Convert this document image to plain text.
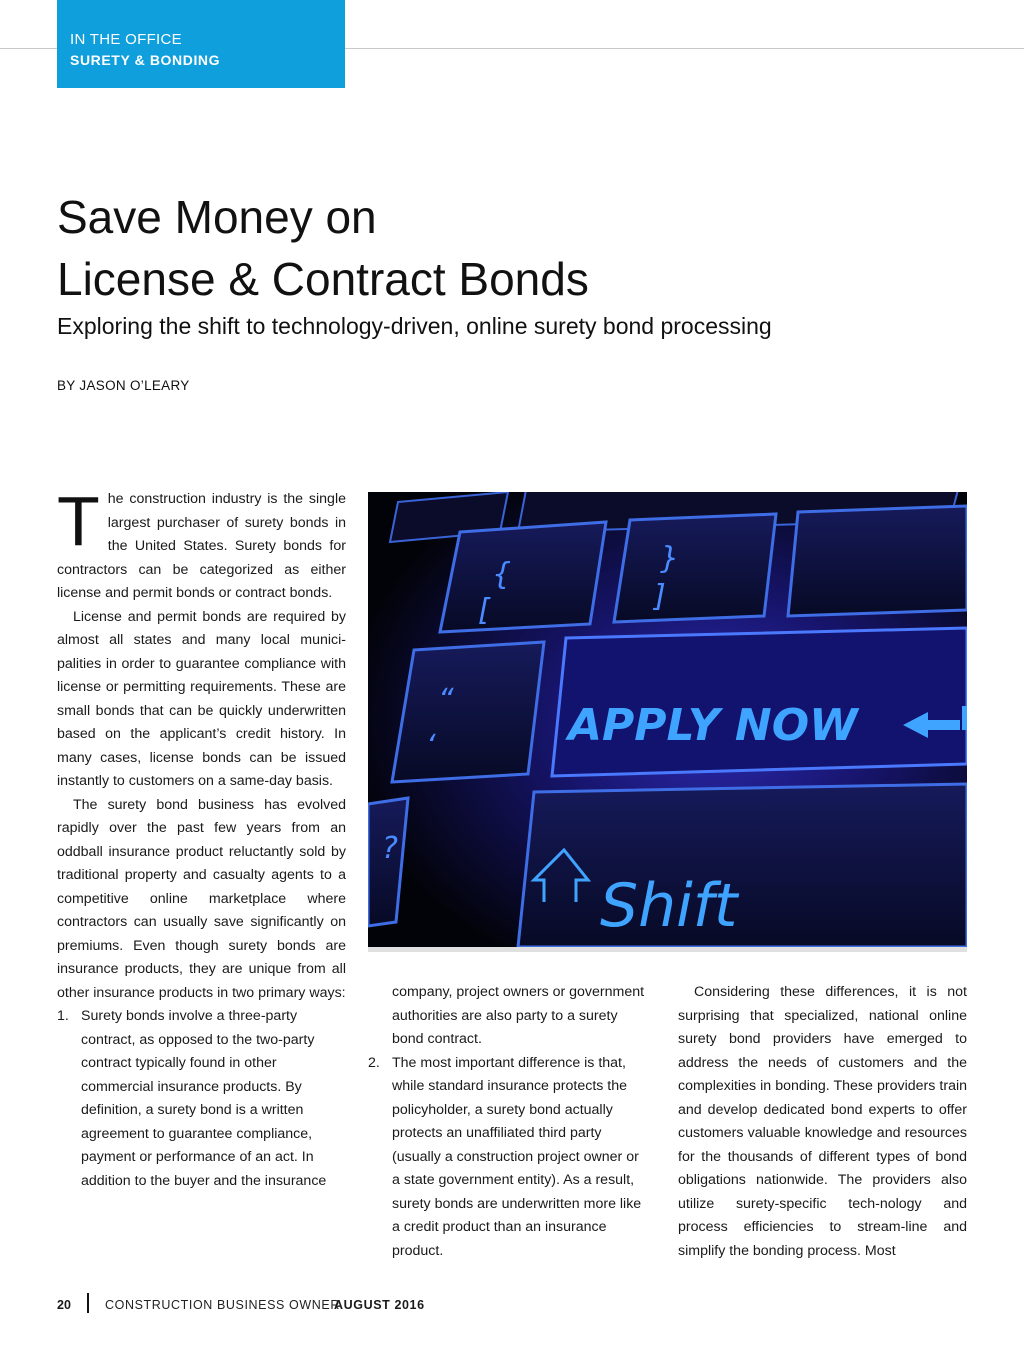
IN THE OFFICE
SURETY & BONDING
Save Money on
License & Contract Bonds
Exploring the shift to technology-driven, online surety bond processing
BY JASON O’LEARY

The construction industry is the single largest purchaser of surety bonds in the United States. Surety bonds for contractors can be categorized as either license and permit bonds or contract bonds.

License and permit bonds are required by almost all states and many local munici-palities in order to guarantee compliance with license or permitting requirements. These are small bonds that can be quickly underwritten based on the applicant’s credit history. In many cases, license bonds can be issued instantly to customers on a same-day basis.

The surety bond business has evolved rapidly over the past few years from an oddball insurance product reluctantly sold by traditional property and casualty agents to a competitive online marketplace where contractors can usually save significantly on premiums. Even though surety bonds are insurance products, they are unique from all other insurance products in two primary ways:

1. Surety bonds involve a three-party contract, as opposed to the two-party contract typically found in other commercial insurance products. By definition, a surety bond is a written agreement to guarantee compliance, payment or performance of an act. In addition to the buyer and the insurance
{
[
}
]
“
‘	APPLY NOW
?
Shift

company, project owners or government authorities are also party to a surety bond contract.

2. The most important difference is that, while standard insurance protects the policyholder, a surety bond actually protects an unaffiliated third party (usually a construction project owner or a state government entity). As a result, surety bonds are underwritten more like a credit product than an insurance product.

Considering these differences, it is not surprising that specialized, national online surety bond providers have emerged to address the needs of customers and the complexities in bonding. These providers train and develop dedicated bond experts to offer customers valuable knowledge and resources for the thousands of different types of bond obligations nationwide. The providers also utilize surety-specific tech-nology and process efficiencies to stream-line and simplify the bonding process. Most

20	CONSTRUCTION BUSINESS OWNER
AUGUST 2016
